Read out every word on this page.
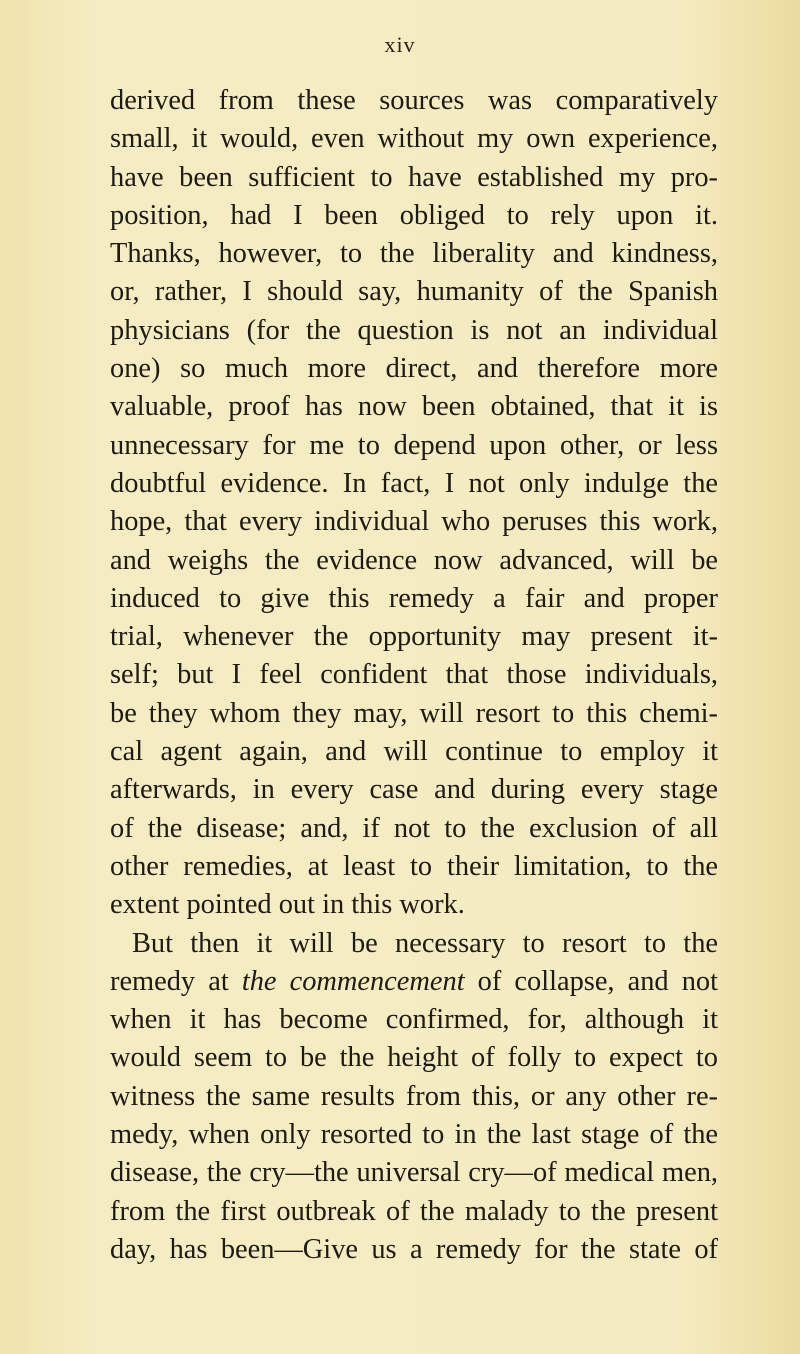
xiv
derived from these sources was comparatively
small, it would, even without my own experience,
have been sufficient to have established my pro-
position, had I been obliged to rely upon it.
Thanks, however, to the liberality and kindness,
or, rather, I should say, humanity of the Spanish
physicians (for the question is not an individual
one) so much more direct, and therefore more
valuable, proof has now been obtained, that it is
unnecessary for me to depend upon other, or less
doubtful evidence. In fact, I not only indulge the
hope, that every individual who peruses this work,
and weighs the evidence now advanced, will be
induced to give this remedy a fair and proper
trial, whenever the opportunity may present it-
self; but I feel confident that those individuals,
be they whom they may, will resort to this chemi-
cal agent again, and will continue to employ it
afterwards, in every case and during every stage
of the disease; and, if not to the exclusion of all
other remedies, at least to their limitation, to the
extent pointed out in this work.
But then it will be necessary to resort to the
remedy at the commencement of collapse, and not
when it has become confirmed, for, although it
would seem to be the height of folly to expect to
witness the same results from this, or any other re-
medy, when only resorted to in the last stage of the
disease, the cry—the universal cry—of medical men,
from the first outbreak of the malady to the present
day, has been—Give us a remedy for the state of
